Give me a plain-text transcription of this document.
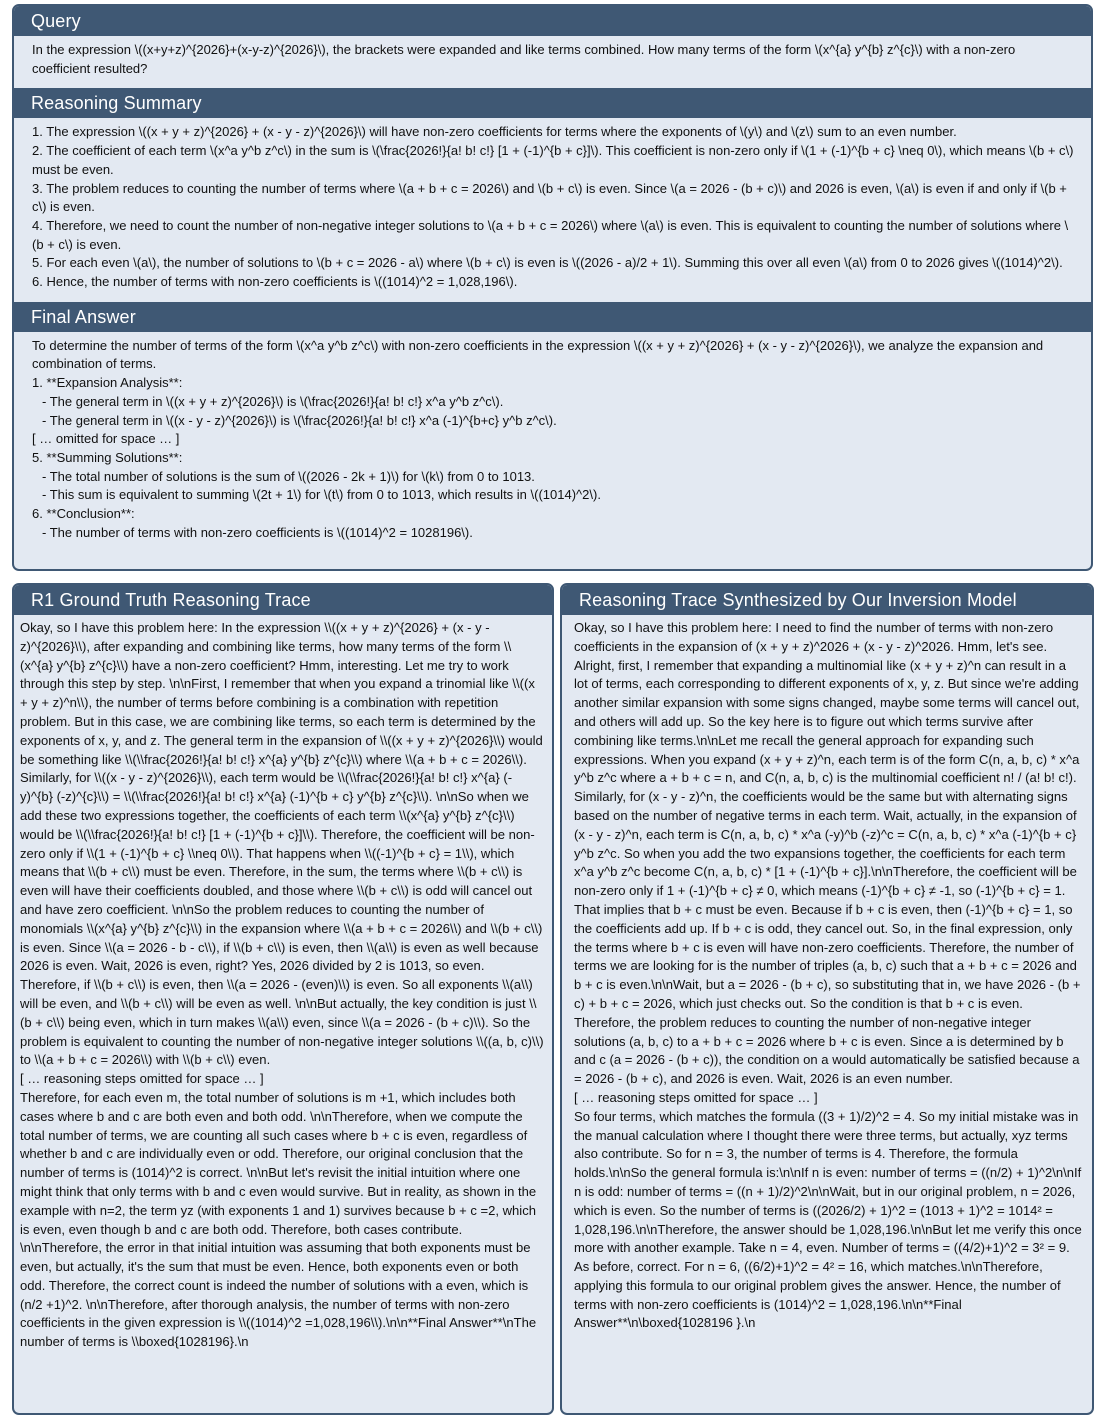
Query
In the expression \((x+y+z)^{2026}+(x-y-z)^{2026}\), the brackets were expanded and like terms combined. How many terms of the form \(x^{a} y^{b} z^{c}\) with a non-zero coefficient resulted?
Reasoning Summary

1. The expression \((x + y + z)^{2026} + (x - y - z)^{2026}\) will have non-zero coefficients for terms where the exponents of \(y\) and \(z\) sum to an even number.

2. The coefficient of each term \(x^a y^b z^c\) in the sum is \(\frac{2026!}{a! b! c!} [1 + (-1)^{b + c}]\). This coefficient is non-zero only if \(1 + (-1)^{b + c} \neq 0\), which means \(b + c\) must be even.

3. The problem reduces to counting the number of terms where \(a + b + c = 2026\) and \(b + c\) is even. Since \(a = 2026 - (b + c)\) and 2026 is even, \(a\) is even if and only if \(b + c\) is even.

4. Therefore, we need to count the number of non-negative integer solutions to \(a + b + c = 2026\) where \(a\) is even. This is equivalent to counting the number of solutions where \(b + c\) is even.

5. For each even \(a\), the number of solutions to \(b + c = 2026 - a\) where \(b + c\) is even is \((2026 - a)/2 + 1\). Summing this over all even \(a\) from 0 to 2026 gives \((1014)^2\).

6. Hence, the number of terms with non-zero coefficients is \((1014)^2 = 1,028,196\).

Final Answer

To determine the number of terms of the form \(x^a y^b z^c\) with non-zero coefficients in the expression \((x + y + z)^{2026} + (x - y - z)^{2026}\), we analyze the expansion and combination of terms.

1. **Expansion Analysis**:

- The general term in \((x + y + z)^{2026}\) is \(\frac{2026!}{a! b! c!} x^a y^b z^c\).

- The general term in \((x - y - z)^{2026}\) is \(\frac{2026!}{a! b! c!} x^a (-1)^{b+c} y^b z^c\).

[ … omitted for space … ]

5. **Summing Solutions**:

- The total number of solutions is the sum of \((2026 - 2k + 1)\) for \(k\) from 0 to 1013.

- This sum is equivalent to summing \(2t + 1\) for \(t\) from 0 to 1013, which results in \((1014)^2\).

6. **Conclusion**:

- The number of terms with non-zero coefficients is \((1014)^2 = 1028196\).

R1 Ground Truth Reasoning Trace

Okay, so I have this problem here: In the expression \\((x + y + z)^{2026} + (x - y - z)^{2026}\\), after expanding and combining like terms, how many terms of the form \\(x^{a} y^{b} z^{c}\\) have a non-zero coefficient? Hmm, interesting. Let me try to work through this step by step. \n\nFirst, I remember that when you expand a trinomial like \\((x + y + z)^n\\), the number of terms before combining is a combination with repetition problem. But in this case, we are combining like terms, so each term is determined by the exponents of x, y, and z. The general term in the expansion of \\((x + y + z)^{2026}\\) would be something like \\(\\frac{2026!}{a! b! c!} x^{a} y^{b} z^{c}\\) where \\(a + b + c = 2026\\). Similarly, for \\((x - y - z)^{2026}\\), each term would be \\(\\frac{2026!}{a! b! c!} x^{a} (-y)^{b} (-z)^{c}\\) = \\(\\frac{2026!}{a! b! c!} x^{a} (-1)^{b + c} y^{b} z^{c}\\). \n\nSo when we add these two expressions together, the coefficients of each term \\(x^{a} y^{b} z^{c}\\) would be \\(\\frac{2026!}{a! b! c!} [1 + (-1)^{b + c}]\\). Therefore, the coefficient will be non-zero only if \\(1 + (-1)^{b + c} \\neq 0\\). That happens when \\((-1)^{b + c} = 1\\), which means that \\(b + c\\) must be even. Therefore, in the sum, the terms where \\(b + c\\) is even will have their coefficients doubled, and those where \\(b + c\\) is odd will cancel out and have zero coefficient. \n\nSo the problem reduces to counting the number of monomials \\(x^{a} y^{b} z^{c}\\) in the expansion where \\(a + b + c = 2026\\) and \\(b + c\\) is even. Since \\(a = 2026 - b - c\\), if \\(b + c\\) is even, then \\(a\\) is even as well because 2026 is even. Wait, 2026 is even, right? Yes, 2026 divided by 2 is 1013, so even. Therefore, if \\(b + c\\) is even, then \\(a = 2026 - (even)\\) is even. So all exponents \\(a\\) will be even, and \\(b + c\\) will be even as well. \n\nBut actually, the key condition is just \\(b + c\\) being even, which in turn makes \\(a\\) even, since \\(a = 2026 - (b + c)\\). So the problem is equivalent to counting the number of non-negative integer solutions \\((a, b, c)\\) to \\(a + b + c = 2026\\) with \\(b + c\\) even.

[ … reasoning steps omitted for space … ]

Therefore, for each even m, the total number of solutions is m +1, which includes both cases where b and c are both even and both odd. \n\nTherefore, when we compute the total number of terms, we are counting all such cases where b + c is even, regardless of whether b and c are individually even or odd. Therefore, our original conclusion that the number of terms is (1014)^2 is correct. \n\nBut let's revisit the initial intuition where one might think that only terms with b and c even would survive. But in reality, as shown in the example with n=2, the term yz (with exponents 1 and 1) survives because b + c =2, which is even, even though b and c are both odd. Therefore, both cases contribute. \n\nTherefore, the error in that initial intuition was assuming that both exponents must be even, but actually, it's the sum that must be even. Hence, both exponents even or both odd. Therefore, the correct count is indeed the number of solutions with a even, which is (n/2 +1)^2. \n\nTherefore, after thorough analysis, the number of terms with non-zero coefficients in the given expression is \\((1014)^2 =1,028,196\\).\n\n**Final Answer**\nThe number of terms is \\boxed{1028196}.\n

Reasoning Trace Synthesized by Our Inversion Model

Okay, so I have this problem here: I need to find the number of terms with non-zero coefficients in the expansion of (x + y + z)^2026 + (x - y - z)^2026. Hmm, let's see. Alright, first, I remember that expanding a multinomial like (x + y + z)^n can result in a lot of terms, each corresponding to different exponents of x, y, z. But since we're adding another similar expansion with some signs changed, maybe some terms will cancel out, and others will add up. So the key here is to figure out which terms survive after combining like terms.\n\nLet me recall the general approach for expanding such expressions. When you expand (x + y + z)^n, each term is of the form C(n, a, b, c) * x^a y^b z^c where a + b + c = n, and C(n, a, b, c) is the multinomial coefficient n! / (a! b! c!). Similarly, for (x - y - z)^n, the coefficients would be the same but with alternating signs based on the number of negative terms in each term. Wait, actually, in the expansion of (x - y - z)^n, each term is C(n, a, b, c) * x^a (-y)^b (-z)^c = C(n, a, b, c) * x^a (-1)^{b + c} y^b z^c. So when you add the two expansions together, the coefficients for each term x^a y^b z^c become C(n, a, b, c) * [1 + (-1)^{b + c}].\n\nTherefore, the coefficient will be non-zero only if 1 + (-1)^{b + c} ≠ 0, which means (-1)^{b + c} ≠ -1, so (-1)^{b + c} = 1. That implies that b + c must be even. Because if b + c is even, then (-1)^{b + c} = 1, so the coefficients add up. If b + c is odd, they cancel out. So, in the final expression, only the terms where b + c is even will have non-zero coefficients. Therefore, the number of terms we are looking for is the number of triples (a, b, c) such that a + b + c = 2026 and b + c is even.\n\nWait, but a = 2026 - (b + c), so substituting that in, we have 2026 - (b + c) + b + c = 2026, which just checks out. So the condition is that b + c is even. Therefore, the problem reduces to counting the number of non-negative integer solutions (a, b, c) to a + b + c = 2026 where b + c is even. Since a is determined by b and c (a = 2026 - (b + c)), the condition on a would automatically be satisfied because a = 2026 - (b + c), and 2026 is even. Wait, 2026 is an even number.

[ … reasoning steps omitted for space … ]

So four terms, which matches the formula ((3 + 1)/2)^2 = 4. So my initial mistake was in the manual calculation where I thought there were three terms, but actually, xyz terms also contribute. So for n = 3, the number of terms is 4. Therefore, the formula holds.\n\nSo the general formula is:\n\nIf n is even: number of terms = ((n/2) + 1)^2\n\nIf n is odd: number of terms = ((n + 1)/2)^2\n\nWait, but in our original problem, n = 2026, which is even. So the number of terms is ((2026/2) + 1)^2 = (1013 + 1)^2 = 1014² = 1,028,196.\n\nTherefore, the answer should be 1,028,196.\n\nBut let me verify this once more with another example. Take n = 4, even. Number of terms = ((4/2)+1)^2 = 3² = 9. As before, correct. For n = 6, ((6/2)+1)^2 = 4² = 16, which matches.\n\nTherefore, applying this formula to our original problem gives the answer. Hence, the number of terms with non-zero coefficients is (1014)^2 = 1,028,196.\n\n**Final Answer**\n\boxed{1028196 }.\n
